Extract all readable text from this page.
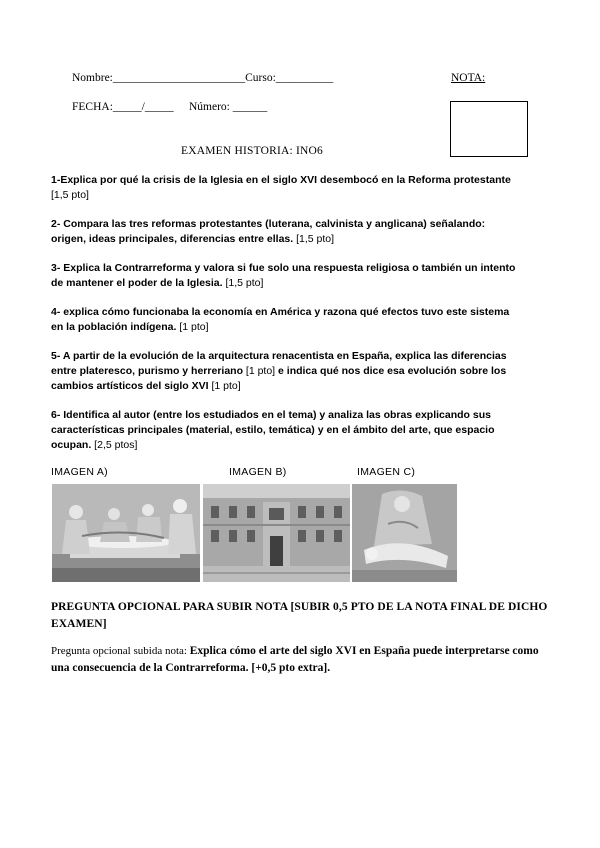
Nombre:_______________________Curso:__________	NOTA:
FECHA:_____/_____ Número: ______
EXAMEN HISTORIA: INO6
1-Explica por qué la crisis de la Iglesia en el siglo XVI desembocó en la Reforma protestante [1,5 pto]
2- Compara las tres reformas protestantes (luterana, calvinista y anglicana) señalando: origen, ideas principales, diferencias entre ellas. [1,5 pto]
3- Explica la Contrarreforma y valora si fue solo una respuesta religiosa o también un intento de mantener el poder de la Iglesia. [1,5 pto]
4- explica cómo funcionaba la economía en América y razona qué efectos tuvo este sistema en la población indígena. [1 pto]
5- A partir de la evolución de la arquitectura renacentista en España, explica las diferencias entre plateresco, purismo y herreriano [1 pto] e indica qué nos dice esa evolución sobre los cambios artísticos del siglo XVI [1 pto]
6- Identifica al autor (entre los estudiados en el tema) y analiza las obras explicando sus características principales (material, estilo, temática) y en el ámbito del arte, que espacio ocupan. [2,5 ptos]
IMAGEN A)	IMAGEN B)	IMAGEN C)
PREGUNTA OPCIONAL PARA SUBIR NOTA [SUBIR 0,5 PTO DE LA NOTA FINAL DE DICHO EXAMEN]
Pregunta opcional subida nota: Explica cómo el arte del siglo XVI en España puede interpretarse como una consecuencia de la Contrarreforma. [+0,5 pto extra].
